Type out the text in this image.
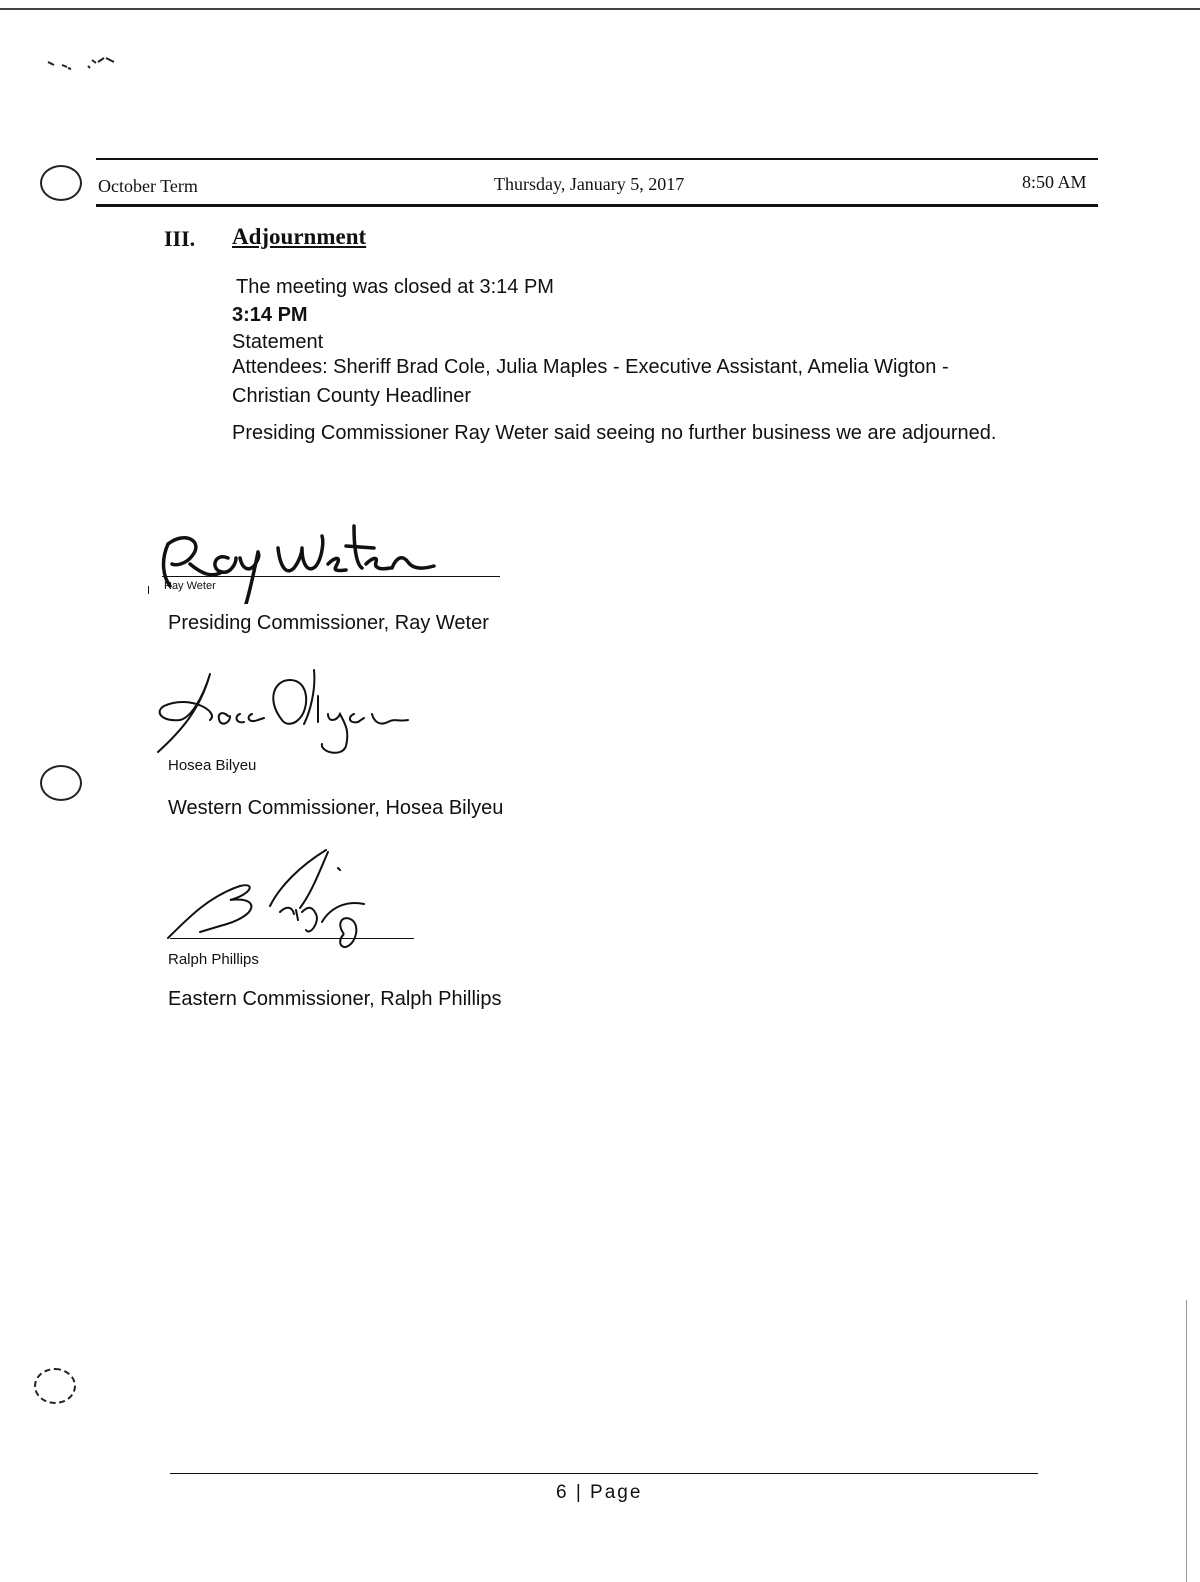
October Term	Thursday, January 5, 2017	8:50 AM
III. Adjournment
The meeting was closed at 3:14 PM
3:14 PM
Statement
Attendees: Sheriff Brad Cole, Julia Maples - Executive Assistant, Amelia Wigton -
Christian County Headliner
Presiding Commissioner Ray Weter said seeing no further business we are adjourned.
Ray Weter
Presiding Commissioner, Ray Weter
Hosea Bilyeu
Western Commissioner, Hosea Bilyeu
Ralph Phillips
Eastern Commissioner, Ralph Phillips
6 | Page
